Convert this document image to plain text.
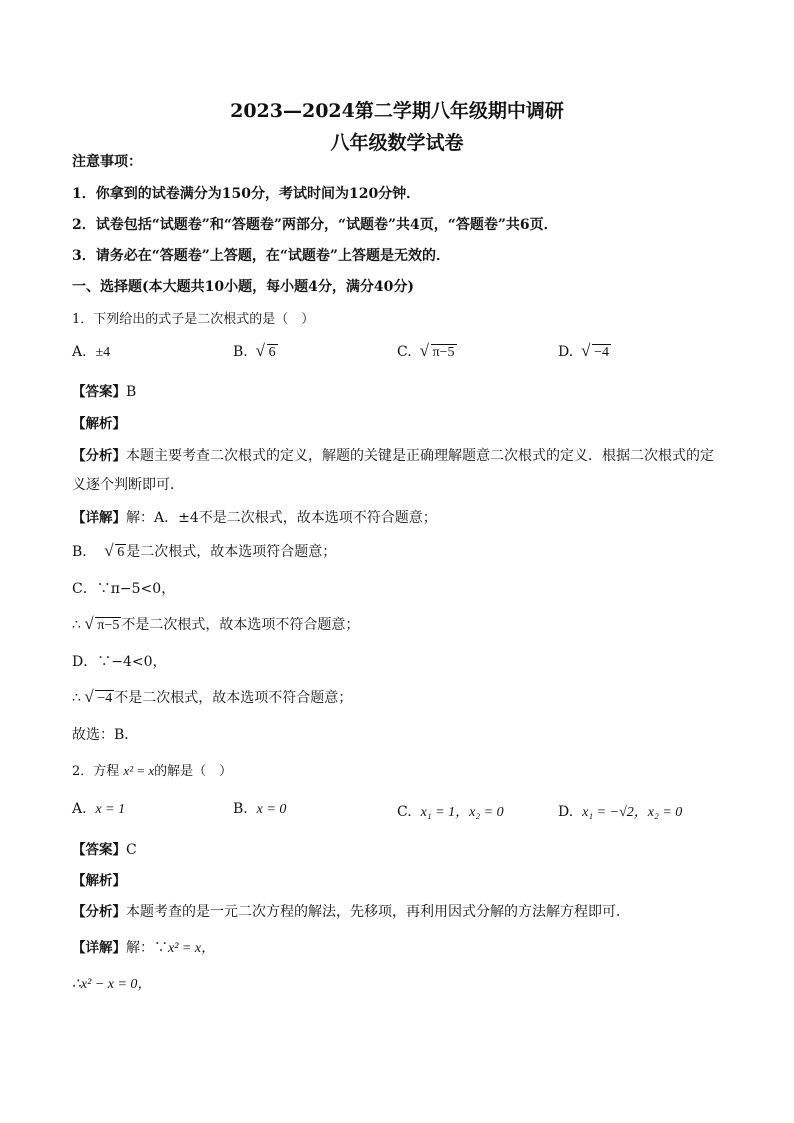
2023—2024第二学期八年级期中调研
八年级数学试卷
注意事项：
1．你拿到的试卷满分为150分，考试时间为120分钟．
2．试卷包括“试题卷”和“答题卷”两部分，“试题卷”共4页，“答题卷”共6页．
3．请务必在“答题卷”上答题，在“试题卷”上答题是无效的．
一、选择题(本大题共10小题，每小题4分，满分40分)
1．下列给出的式子是二次根式的是（　）
A. ±4	B. √ 6	C. √ π−5	D. √ −4
【答案】B
【解析】
【分析】本题主要考查二次根式的定义，解题的关键是正确理解题意二次根式的定义．根据二次根式的定
义逐个判断即可．
【详解】解：A．±4不是二次根式，故本选项不符合题意；
B． √ 6 是二次根式，故本选项符合题意；
C．∵π−5<0，
∴ √ π−5 不是二次根式，故本选项不符合题意；
D．∵−4<0，
∴ √ −4 不是二次根式，故本选项不符合题意；
故选：B．
2．方程 x² = x的解是（　）
A. x = 1	B. x = 0	C. x₁ = 1，x₂ = 0	D. x₁ = −√2，x₂ = 0
【答案】C
【解析】
【分析】本题考查的是一元二次方程的解法，先移项，再利用因式分解的方法解方程即可．
【详解】解：∵x² = x，
∴x² − x = 0，
